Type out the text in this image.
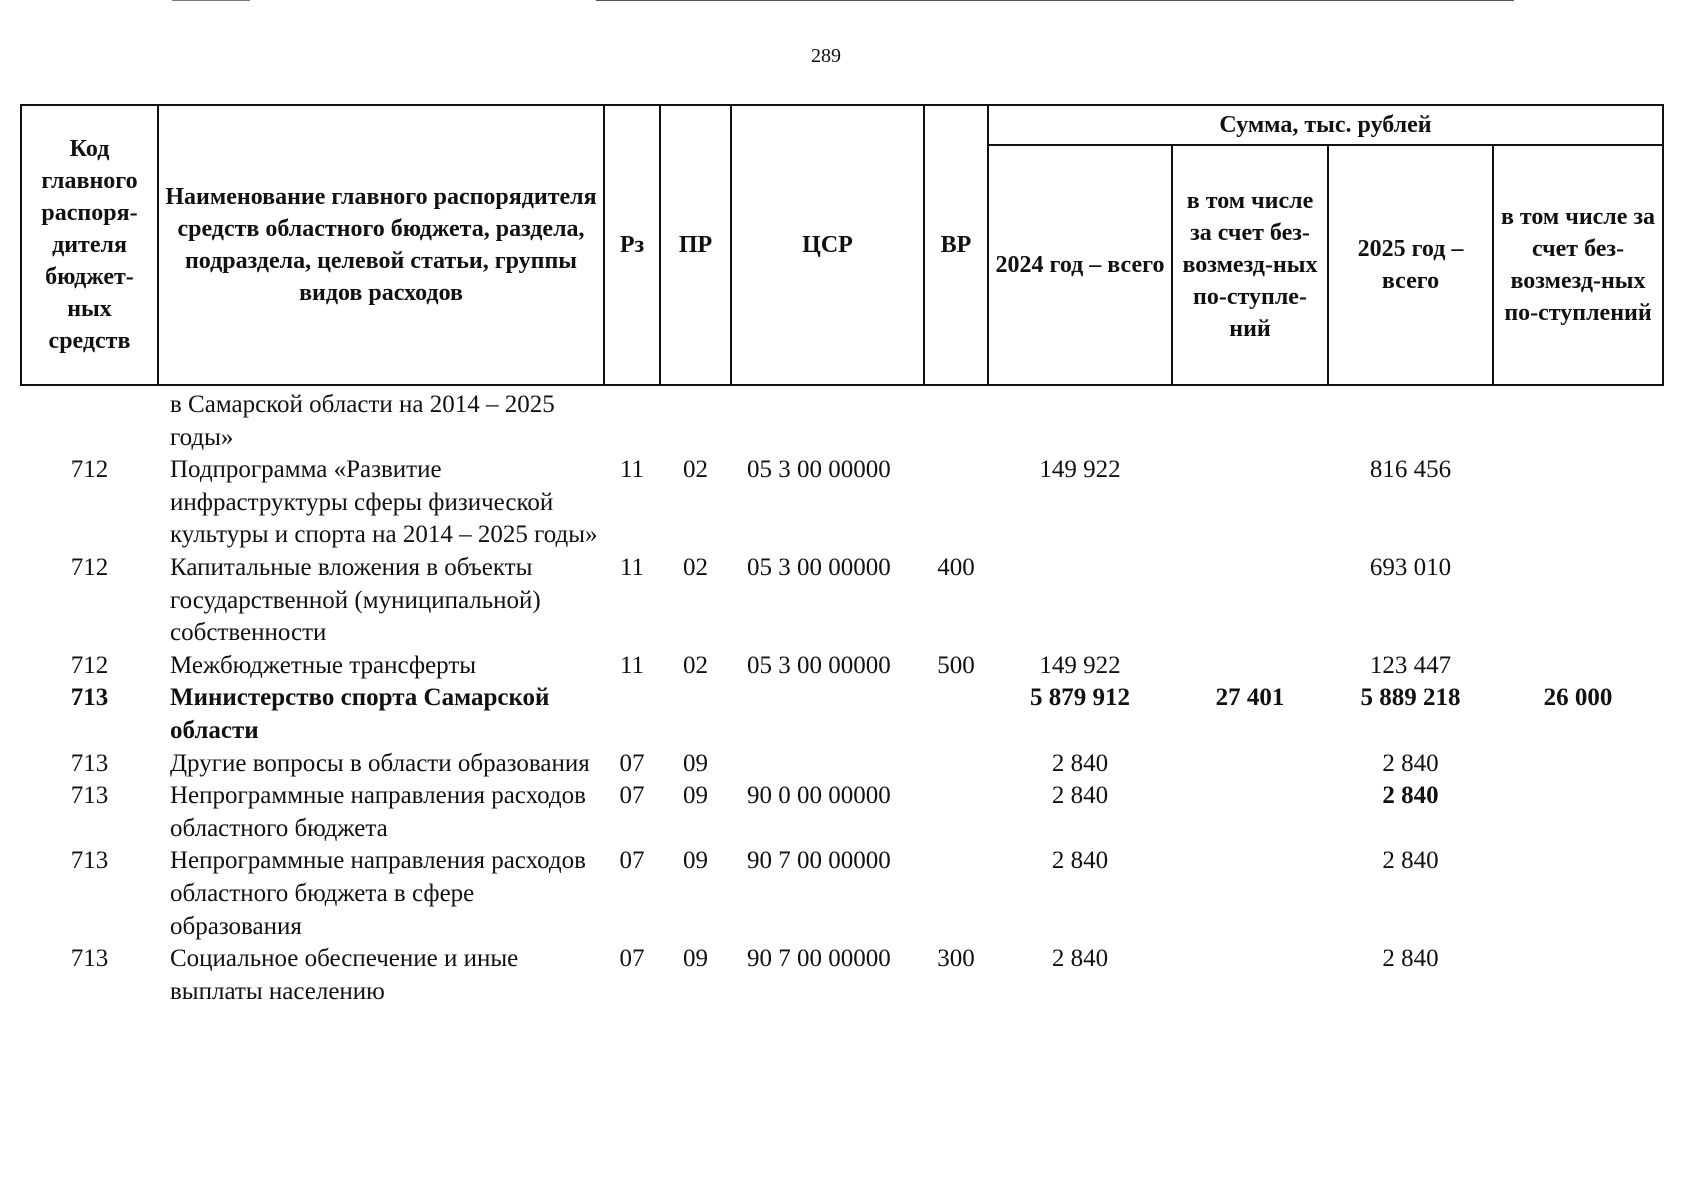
289
Код главного распоря-дителя бюджет-ных средств	Наименование главного распорядителя средств областного бюджета, раздела, подраздела, целевой статьи, группы видов расходов	Рз	ПР	ЦСР	ВР	Сумма, тыс. рублей			
						2024 год – всего	в том числе за счет без-возмезд-ных по-ступле-ний	2025 год – всего	в том числе за счет без-возмезд-ных по-ступлений
	в Самарской области на 2014 – 2025 годы»								
712	Подпрограмма «Развитие инфраструктуры сферы физической культуры и спорта на 2014 – 2025 годы»	11	02	05 3 00 00000		149 922		816 456	
712	Капитальные вложения в объекты государственной (муниципальной) собственности	11	02	05 3 00 00000	400			693 010	
712	Межбюджетные трансферты	11	02	05 3 00 00000	500	149 922		123 447	
713	Министерство спорта Самарской области					5 879 912	27 401	5 889 218	26 000
713	Другие вопросы в области образования	07	09			2 840		2 840	
713	Непрограммные направления расходов областного бюджета	07	09	90 0 00 00000		2 840		2 840	
713	Непрограммные направления расходов областного бюджета в сфере образования	07	09	90 7 00 00000		2 840		2 840	
713	Социальное обеспечение и иные выплаты населению	07	09	90 7 00 00000	300	2 840		2 840	
